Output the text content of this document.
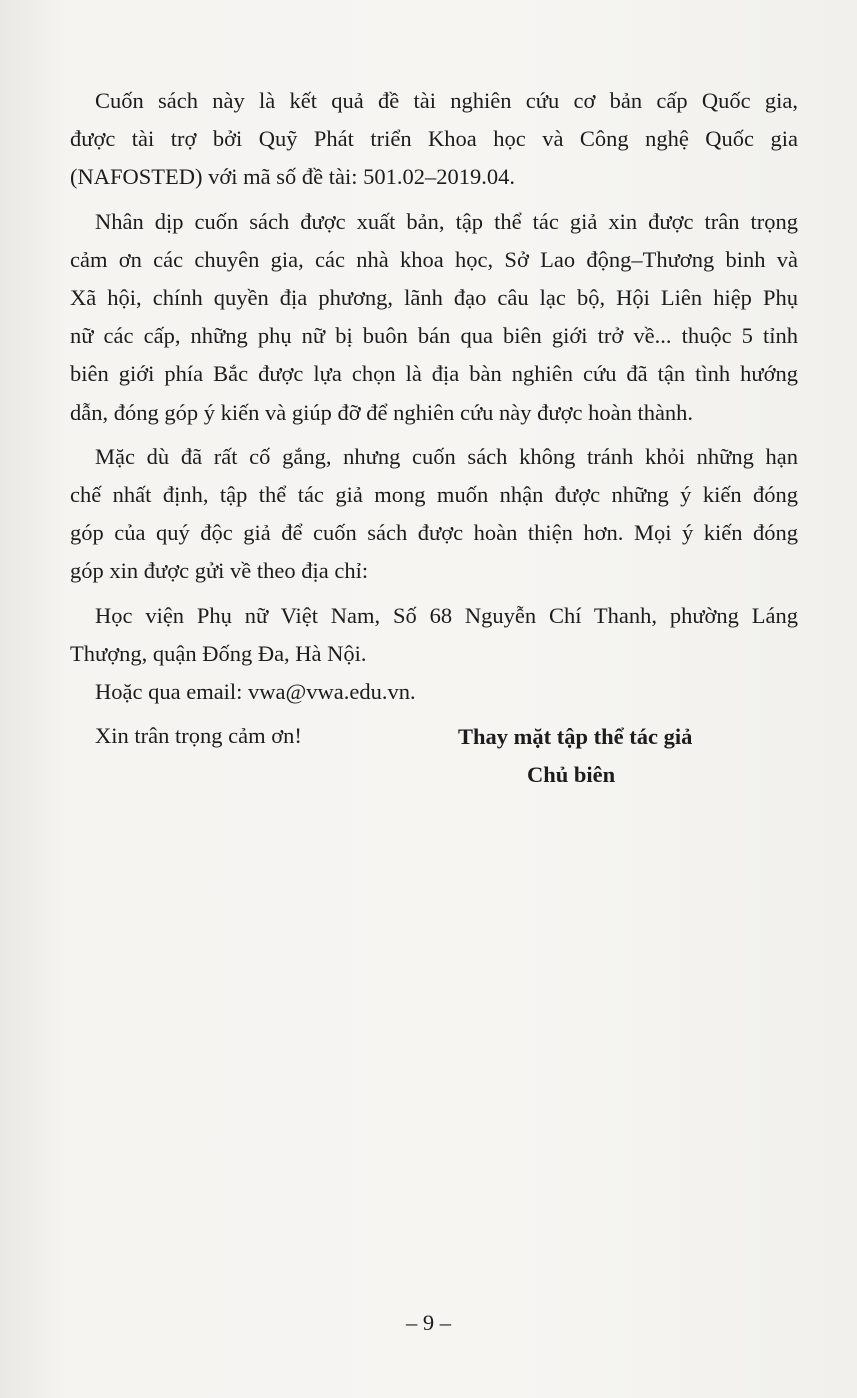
Cuốn sách này là kết quả đề tài nghiên cứu cơ bản cấp Quốc gia,
được tài trợ bởi Quỹ Phát triển Khoa học và Công nghệ Quốc gia
(NAFOSTED) với mã số đề tài: 501.02–2019.04.
Nhân dịp cuốn sách được xuất bản, tập thể tác giả xin được trân trọng
cảm ơn các chuyên gia, các nhà khoa học, Sở Lao động–Thương binh và
Xã hội, chính quyền địa phương, lãnh đạo câu lạc bộ, Hội Liên hiệp Phụ
nữ các cấp, những phụ nữ bị buôn bán qua biên giới trở về... thuộc 5 tỉnh
biên giới phía Bắc được lựa chọn là địa bàn nghiên cứu đã tận tình hướng
dẫn, đóng góp ý kiến và giúp đỡ để nghiên cứu này được hoàn thành.
Mặc dù đã rất cố gắng, nhưng cuốn sách không tránh khỏi những hạn
chế nhất định, tập thể tác giả mong muốn nhận được những ý kiến đóng
góp của quý độc giả để cuốn sách được hoàn thiện hơn. Mọi ý kiến đóng
góp xin được gửi về theo địa chỉ:
Học viện Phụ nữ Việt Nam, Số 68 Nguyễn Chí Thanh, phường Láng
Thượng, quận Đống Đa, Hà Nội.
Hoặc qua email: vwa@vwa.edu.vn.
Xin trân trọng cảm ơn!	Thay mặt tập thể tác giả
Chủ biên
– 9 –
